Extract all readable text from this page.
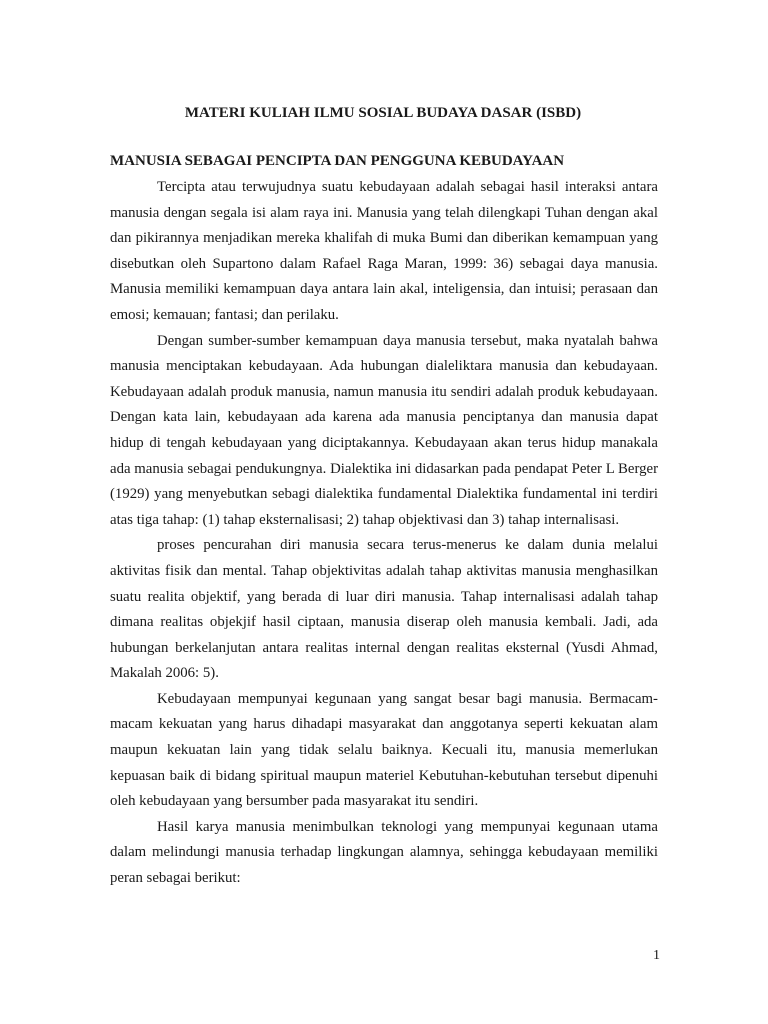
MATERI KULIAH ILMU SOSIAL BUDAYA DASAR (ISBD)
MANUSIA SEBAGAI PENCIPTA DAN PENGGUNA KEBUDAYAAN

Tercipta atau terwujudnya suatu kebudayaan adalah sebagai hasil interaksi antara manusia dengan segala isi alam raya ini. Manusia yang telah dilengkapi Tuhan dengan akal dan pikirannya menjadikan mereka khalifah di muka Bumi dan diberikan kemampuan yang disebutkan oleh Supartono dalam Rafael Raga Maran, 1999: 36) sebagai daya manusia. Manusia memiliki kemampuan daya antara lain akal, inteligensia, dan intuisi; perasaan dan emosi; kemauan; fantasi; dan perilaku.

Dengan sumber-sumber kemampuan daya manusia tersebut, maka nyatalah bahwa manusia menciptakan kebudayaan. Ada hubungan dialeliktara manusia dan kebudayaan. Kebudayaan adalah produk manusia, namun manusia itu sendiri adalah produk kebudayaan. Dengan kata lain, kebudayaan ada karena ada manusia penciptanya dan manusia dapat hidup di tengah kebudayaan yang diciptakannya. Kebudayaan akan terus hidup manakala ada manusia sebagai pendukungnya. Dialektika ini didasarkan pada pendapat Peter L Berger (1929) yang menyebutkan sebagi dialektika fundamental Dialektika fundamental ini terdiri atas tiga tahap: (1) tahap eksternalisasi; 2) tahap objektivasi dan 3) tahap internalisasi.

proses pencurahan diri manusia secara terus-menerus ke dalam dunia melalui aktivitas fisik dan mental. Tahap objektivitas adalah tahap aktivitas manusia menghasilkan suatu realita objektif, yang berada di luar diri manusia. Tahap internalisasi adalah tahap dimana realitas objekjif hasil ciptaan, manusia diserap oleh manusia kembali. Jadi, ada hubungan berkelanjutan antara realitas internal dengan realitas eksternal (Yusdi Ahmad, Makalah 2006: 5).

Kebudayaan mempunyai kegunaan yang sangat besar bagi manusia. Bermacam-macam kekuatan yang harus dihadapi masyarakat dan anggotanya seperti kekuatan alam maupun kekuatan lain yang tidak selalu baiknya. Kecuali itu, manusia memerlukan kepuasan baik di bidang spiritual maupun materiel Kebutuhan-kebutuhan tersebut dipenuhi oleh kebudayaan yang bersumber pada masyarakat itu sendiri.

Hasil karya manusia menimbulkan teknologi yang mempunyai kegunaan utama dalam melindungi manusia terhadap lingkungan alamnya, sehingga kebudayaan memiliki peran sebagai berikut:

1
